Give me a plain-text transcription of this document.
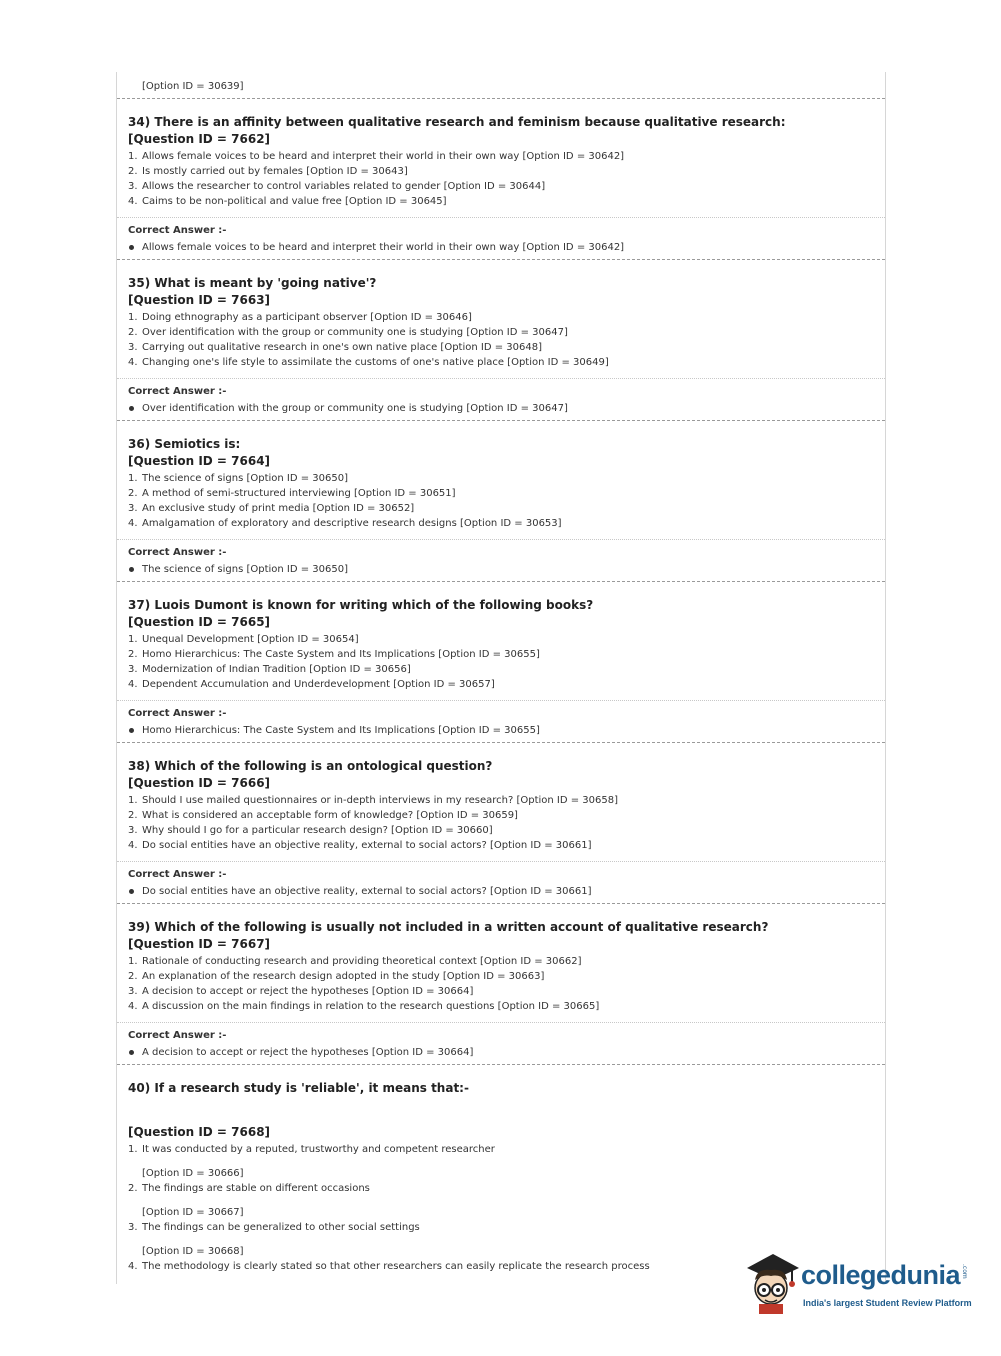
[Option ID = 30639]
34) There is an affinity between qualitative research and feminism because qualitative research:
[Question ID = 7662]
1. Allows female voices to be heard and interpret their world in their own way [Option ID = 30642]
2. Is mostly carried out by females [Option ID = 30643]
3. Allows the researcher to control variables related to gender [Option ID = 30644]
4. Caims to be non-political and value free [Option ID = 30645]
Correct Answer :-
Allows female voices to be heard and interpret their world in their own way [Option ID = 30642]
35) What is meant by 'going native'?
[Question ID = 7663]
1. Doing ethnography as a participant observer [Option ID = 30646]
2. Over identification with the group or community one is studying [Option ID = 30647]
3. Carrying out qualitative research in one's own native place [Option ID = 30648]
4. Changing one's life style to assimilate the customs of one's native place [Option ID = 30649]
Correct Answer :-
Over identification with the group or community one is studying [Option ID = 30647]
36) Semiotics is:
[Question ID = 7664]
1. The science of signs [Option ID = 30650]
2. A method of semi-structured interviewing [Option ID = 30651]
3. An exclusive study of print media [Option ID = 30652]
4. Amalgamation of exploratory and descriptive research designs [Option ID = 30653]
Correct Answer :-
The science of signs [Option ID = 30650]
37) Luois Dumont is known for writing which of the following books?
[Question ID = 7665]
1. Unequal Development [Option ID = 30654]
2. Homo Hierarchicus: The Caste System and Its Implications [Option ID = 30655]
3. Modernization of Indian Tradition [Option ID = 30656]
4. Dependent Accumulation and Underdevelopment [Option ID = 30657]
Correct Answer :-
Homo Hierarchicus: The Caste System and Its Implications [Option ID = 30655]
38) Which of the following is an ontological question?
[Question ID = 7666]
1. Should I use mailed questionnaires or in-depth interviews in my research? [Option ID = 30658]
2. What is considered an acceptable form of knowledge? [Option ID = 30659]
3. Why should I go for a particular research design? [Option ID = 30660]
4. Do social entities have an objective reality, external to social actors? [Option ID = 30661]
Correct Answer :-
Do social entities have an objective reality, external to social actors? [Option ID = 30661]
39) Which of the following is usually not included in a written account of qualitative research?
[Question ID = 7667]
1. Rationale of conducting research and providing theoretical context [Option ID = 30662]
2. An explanation of the research design adopted in the study [Option ID = 30663]
3. A decision to accept or reject the hypotheses [Option ID = 30664]
4. A discussion on the main findings in relation to the research questions [Option ID = 30665]
Correct Answer :-
A decision to accept or reject the hypotheses [Option ID = 30664]
40) If a research study is 'reliable', it means that:-
[Question ID = 7668]
1. It was conducted by a reputed, trustworthy and competent researcher
[Option ID = 30666]
2. The findings are stable on different occasions
[Option ID = 30667]
3. The findings can be generalized to other social settings
[Option ID = 30668]
4. The methodology is clearly stated so that other researchers can easily replicate the research process	collegedunia .com
India's largest Student Review Platform
